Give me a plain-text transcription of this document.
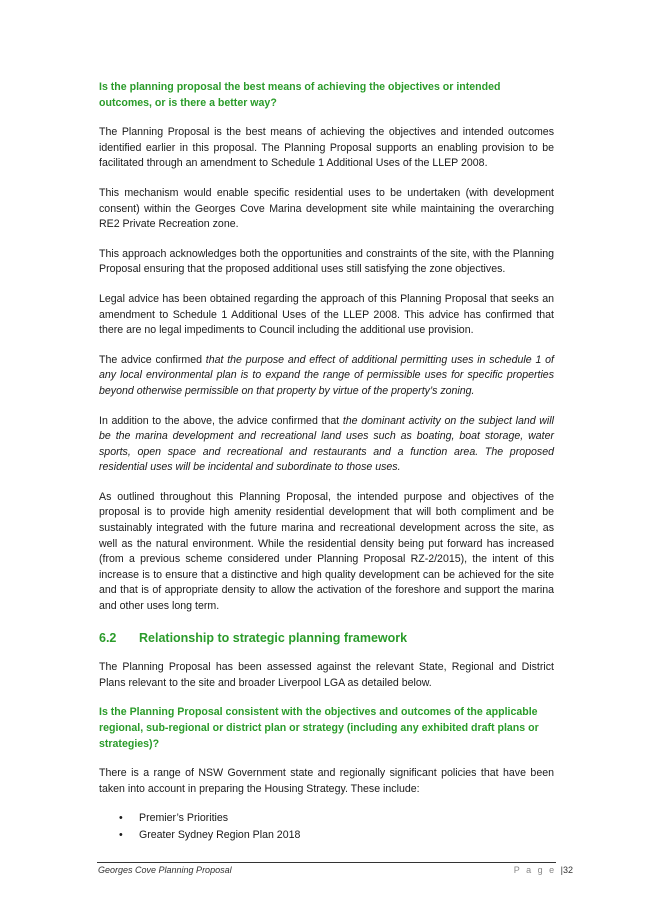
Is the planning proposal the best means of achieving the objectives or intended outcomes, or is there a better way?

The Planning Proposal is the best means of achieving the objectives and intended outcomes identified earlier in this proposal. The Planning Proposal supports an enabling provision to be facilitated through an amendment to Schedule 1 Additional Uses of the LLEP 2008.

This mechanism would enable specific residential uses to be undertaken (with development consent) within the Georges Cove Marina development site while maintaining the overarching RE2 Private Recreation zone.

This approach acknowledges both the opportunities and constraints of the site, with the Planning Proposal ensuring that the proposed additional uses still satisfying the zone objectives.

Legal advice has been obtained regarding the approach of this Planning Proposal that seeks an amendment to Schedule 1 Additional Uses of the LLEP 2008. This advice has confirmed that there are no legal impediments to Council including the additional use provision.

The advice confirmed that the purpose and effect of additional permitting uses in schedule 1 of any local environmental plan is to expand the range of permissible uses for specific properties beyond otherwise permissible on that property by virtue of the property’s zoning.

In addition to the above, the advice confirmed that the dominant activity on the subject land will be the marina development and recreational land uses such as boating, boat storage, water sports, open space and recreational and restaurants and a function area. The proposed residential uses will be incidental and subordinate to those uses.

As outlined throughout this Planning Proposal, the intended purpose and objectives of the proposal is to provide high amenity residential development that will both compliment and be sustainably integrated with the future marina and recreational development across the site, as well as the natural environment. While the residential density being put forward has increased (from a previous scheme considered under Planning Proposal RZ-2/2015), the intent of this increase is to ensure that a distinctive and high quality development can be achieved for the site and that is of appropriate density to allow the activation of the foreshore and support the marina and other uses long term.

6.2	Relationship to strategic planning framework

The Planning Proposal has been assessed against the relevant State, Regional and District Plans relevant to the site and broader Liverpool LGA as detailed below.

Is the Planning Proposal consistent with the objectives and outcomes of the applicable regional, sub-regional or district plan or strategy (including any exhibited draft plans or strategies)?

There is a range of NSW Government state and regionally significant policies that have been taken into account in preparing the Housing Strategy. These include:

• Premier’s Priorities
• Greater Sydney Region Plan 2018
Georges Cove Planning Proposal	P a g e |32
